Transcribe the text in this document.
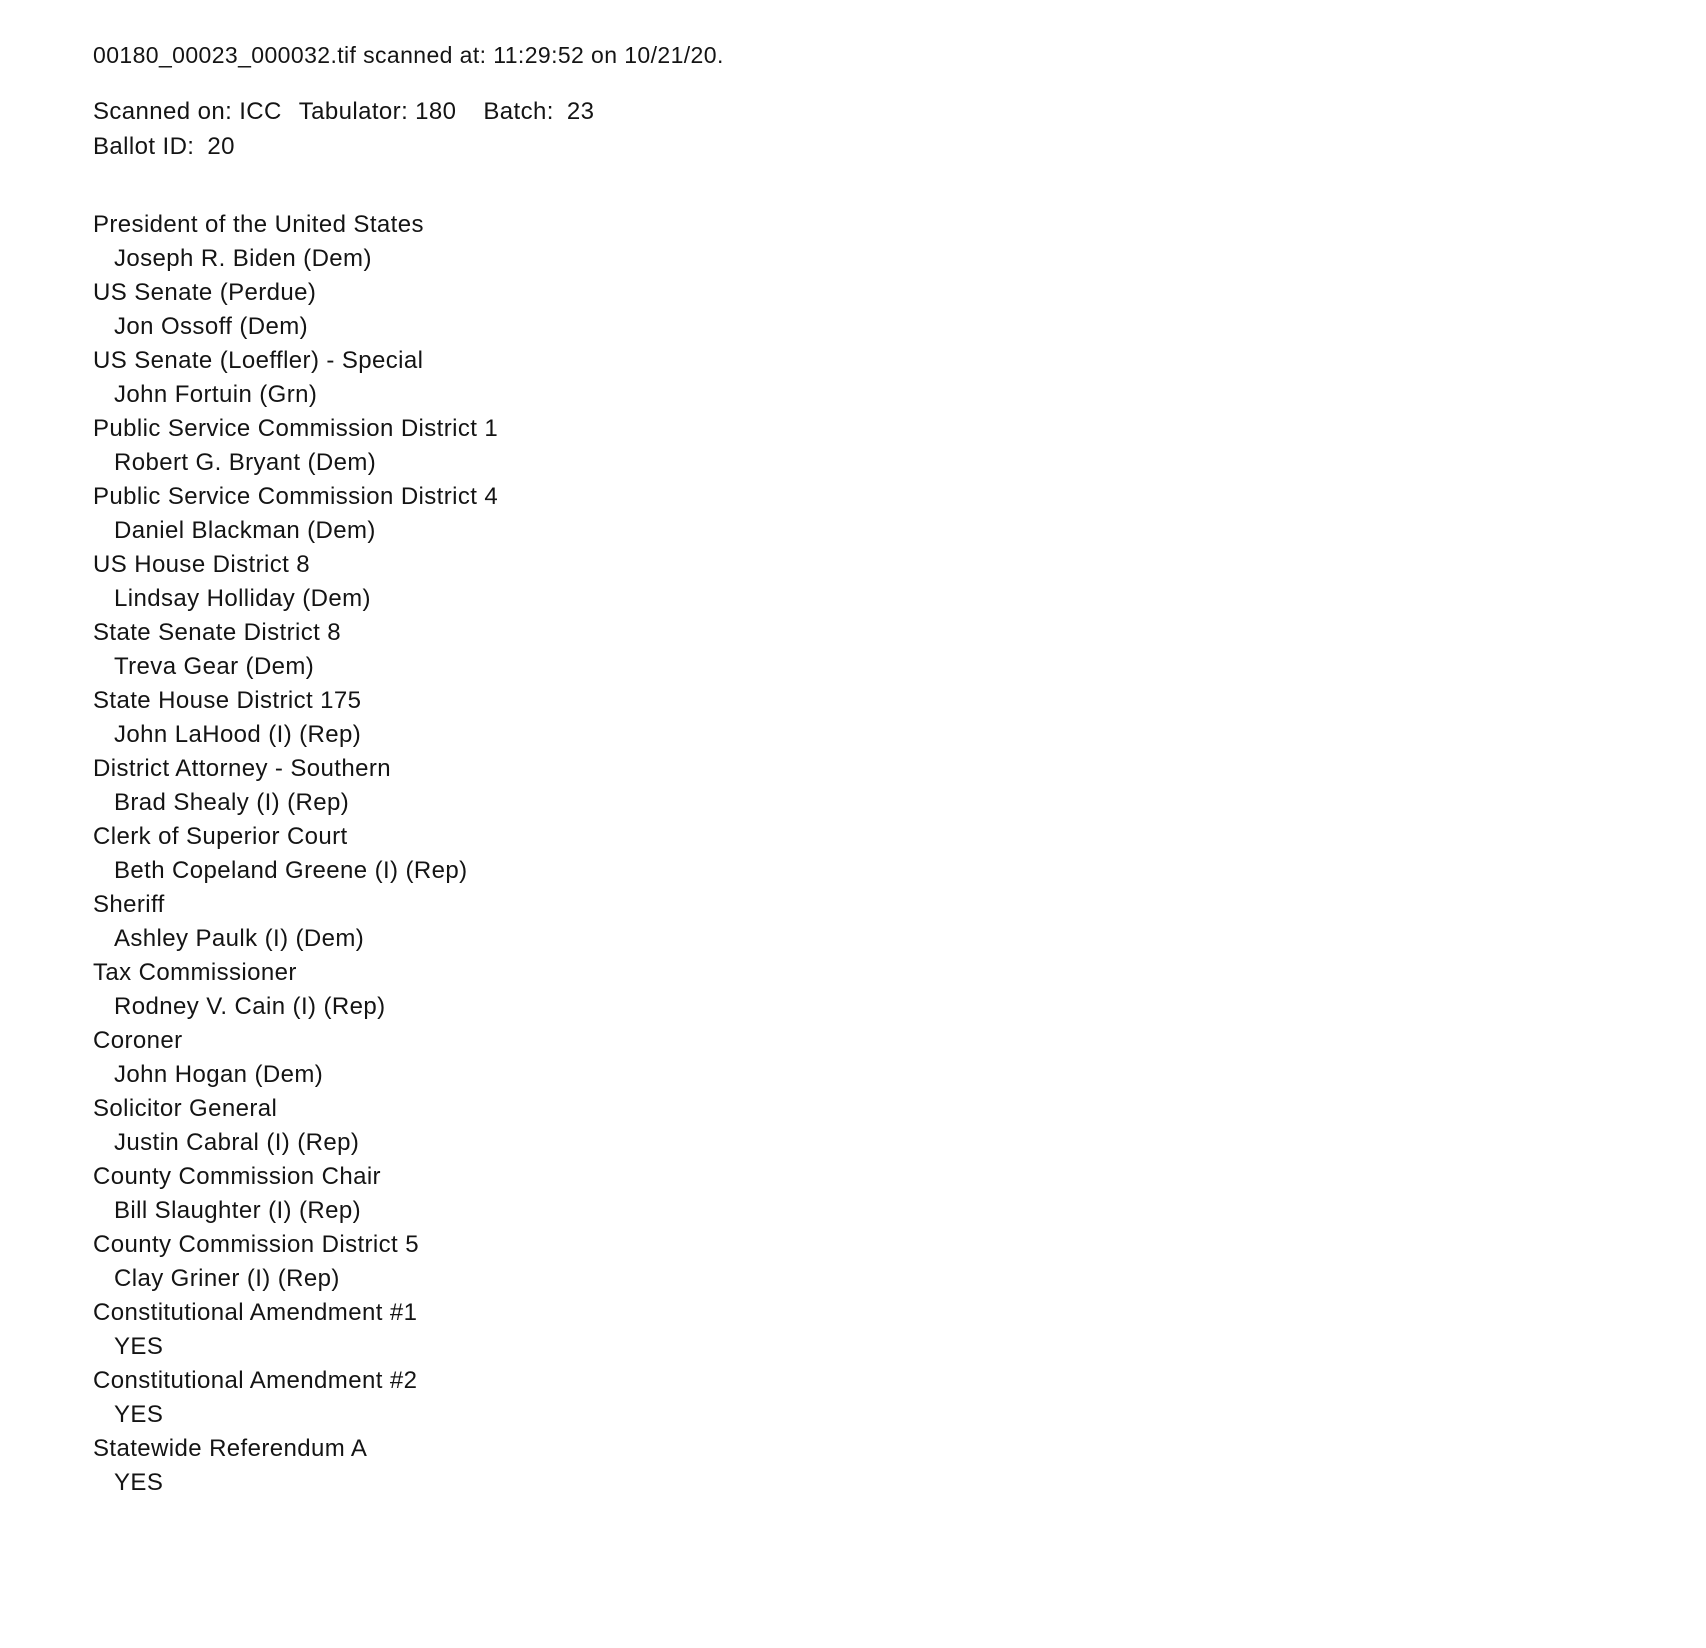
00180_00023_000032.tif scanned at: 11:29:52 on 10/21/20.
Scanned on: ICC Tabulator: 180 Batch: 23
Ballot ID: 20
President of the United States
Joseph R. Biden (Dem)
US Senate (Perdue)
Jon Ossoff (Dem)
US Senate (Loeffler) - Special
John Fortuin (Grn)
Public Service Commission District 1
Robert G. Bryant (Dem)
Public Service Commission District 4
Daniel Blackman (Dem)
US House District 8
Lindsay Holliday (Dem)
State Senate District 8
Treva Gear (Dem)
State House District 175
John LaHood (I) (Rep)
District Attorney - Southern
Brad Shealy (I) (Rep)
Clerk of Superior Court
Beth Copeland Greene (I) (Rep)
Sheriff
Ashley Paulk (I) (Dem)
Tax Commissioner
Rodney V. Cain (I) (Rep)
Coroner
John Hogan (Dem)
Solicitor General
Justin Cabral (I) (Rep)
County Commission Chair
Bill Slaughter (I) (Rep)
County Commission District 5
Clay Griner (I) (Rep)
Constitutional Amendment #1
YES
Constitutional Amendment #2
YES
Statewide Referendum A
YES
